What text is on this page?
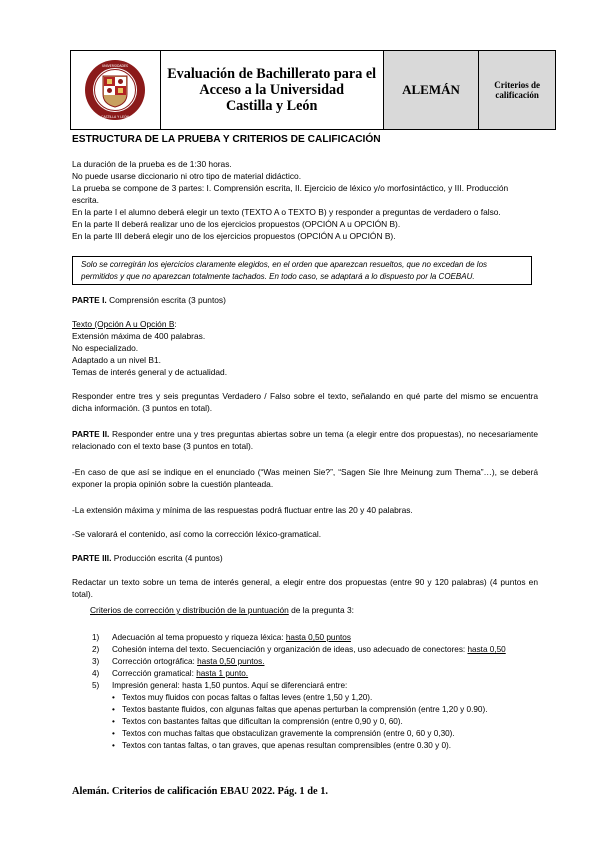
UNIVERSIDADES
CASTILLA Y LEÓN
Evaluación de Bachillerato para el
Acceso a la Universidad
Castilla y León
ALEMÁN	Criterios de calificación
ESTRUCTURA DE LA PRUEBA Y CRITERIOS DE CALIFICACIÓN
La duración de la prueba es de 1:30 horas.
No puede usarse diccionario ni otro tipo de material didáctico.
La prueba se compone de 3 partes: I. Comprensión escrita, II. Ejercicio de léxico y/o morfosintáctico, y III. Producción
escrita.
En la parte I el alumno deberá elegir un texto (TEXTO A o TEXTO B) y responder a preguntas de verdadero o falso.
En la parte II deberá realizar uno de los ejercicios propuestos (OPCIÓN A u OPCIÓN B).
En la parte III deberá elegir uno de los ejercicios propuestos (OPCIÓN A u OPCIÓN B).
Solo se corregirán los ejercicios claramente elegidos, en el orden que aparezcan resueltos, que no excedan de los permitidos y que no aparezcan totalmente tachados. En todo caso, se adaptará a lo dispuesto por la COEBAU.
PARTE I. Comprensión escrita (3 puntos)
Texto (Opción A u Opción B:
Extensión máxima de 400 palabras.
No especializado.
Adaptado a un nivel B1.
Temas de interés general y de actualidad.
Responder entre tres y seis preguntas Verdadero / Falso sobre el texto, señalando en qué parte del mismo se encuentra dicha información. (3 puntos en total).
PARTE II. Responder entre una y tres preguntas abiertas sobre un tema (a elegir entre dos propuestas), no necesariamente relacionado con el texto base (3 puntos en total).
-En caso de que así se indique en el enunciado (“Was meinen Sie?”, “Sagen Sie Ihre Meinung zum Thema”…), se deberá exponer la propia opinión sobre la cuestión planteada.
-La extensión máxima y mínima de las respuestas podrá fluctuar entre las 20 y 40 palabras.
-Se valorará el contenido, así como la corrección léxico-gramatical.
PARTE III. Producción escrita (4 puntos)
Redactar un texto sobre un tema de interés general, a elegir entre dos propuestas (entre 90 y 120 palabras) (4 puntos en total).
Criterios de corrección y distribución de la puntuación de la pregunta 3:
1) Adecuación al tema propuesto y riqueza léxica: hasta 0,50 puntos
2) Cohesión interna del texto. Secuenciación y organización de ideas, uso adecuado de conectores: hasta 0,50
3) Corrección ortográfica: hasta 0,50 puntos.
4) Corrección gramatical: hasta 1 punto.
5) Impresión general: hasta 1,50 puntos. Aquí se diferenciará entre:
• Textos muy fluidos con pocas faltas o faltas leves (entre 1,50 y 1,20).
• Textos bastante fluidos, con algunas faltas que apenas perturban la comprensión (entre 1,20 y 0.90).
• Textos con bastantes faltas que dificultan la comprensión (entre 0,90 y 0, 60).
• Textos con muchas faltas que obstaculizan gravemente la comprensión (entre 0, 60 y 0,30).
• Textos con tantas faltas, o tan graves, que apenas resultan comprensibles (entre 0.30 y 0).
Alemán. Criterios de calificación EBAU 2022. Pág. 1 de 1.
